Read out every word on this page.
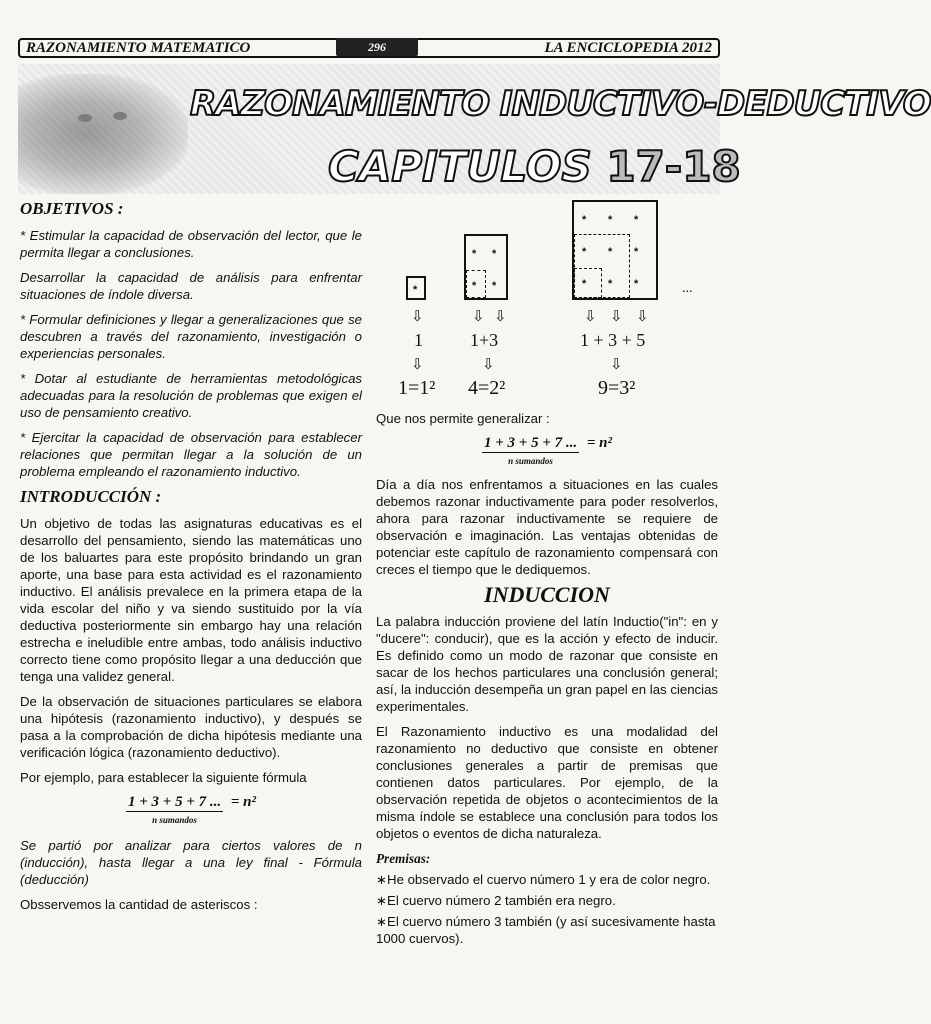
RAZONAMIENTO MATEMATICO	LA ENCICLOPEDIA 2012
296
RAZONAMIENTO INDUCTIVO-DEDUCTIVO
CAPITULOS 17-18
OBJETIVOS :

* Estimular la capacidad de observación del lector, que le permita llegar a conclusiones.

Desarrollar la capacidad de análisis para enfrentar situaciones de índole diversa.

* Formular definiciones y llegar a generalizaciones que se descubren a través del razonamiento, investigación o experiencias personales.

* Dotar al estudiante de herramientas metodológicas adecuadas para la resolución de problemas que exigen el uso de pensamiento creativo.

* Ejercitar la capacidad de observación para establecer relaciones que permitan llegar a la solución de un problema empleando el razonamiento inductivo.

INTRODUCCIÓN :

Un objetivo de todas las asignaturas educativas es el desarrollo del pensamiento, siendo las matemáticas uno de los baluartes para este propósito brindando un gran aporte, una base para esta actividad es el razonamiento inductivo. El análisis prevalece en la primera etapa de la vida escolar del niño y va siendo sustituido por la vía deductiva posteriormente sin embargo hay una relación estrecha e ineludible entre ambas, todo análisis inductivo correcto tiene como propósito llegar a una deducción que tenga una validez general.

De la observación de situaciones particulares se elabora una hipótesis (razonamiento inductivo), y después se pasa a la comprobación de dicha hipótesis mediante una verificación lógica (razonamiento deductivo).

Por ejemplo, para establecer la siguiente fórmula

$\frac{1 + 3 + 5 + 7 ...}{\text{n sumandos}} = n^2$

Se partió por analizar para ciertos valores de n (inducción), hasta llegar a una ley final - Fórmula (deducción)

Obsservemos la cantidad de asteriscos :

*
* *
* *
* * *
* * *
* * *	...
⇩	⇩ ⇩	⇩ ⇩ ⇩
1	1+3	1 + 3 + 5
⇩	⇩	⇩
1=1² 4=2²	9=3²

Que nos permite generalizar :

$\frac{1 + 3 + 5 + 7 ...}{\text{n sumandos}} = n^2$

Día a día nos enfrentamos a situaciones en las cuales debemos razonar inductivamente para poder resolverlos, ahora para razonar inductivamente se requiere de observación e imaginación. Las ventajas obtenidas de potenciar este capítulo de razonamiento compensará con creces el tiempo que le dediquemos.

INDUCCION

La palabra inducción proviene del latín Inductio("in": en y "ducere": conducir), que es la acción y efecto de inducir. Es definido como un modo de razonar que consiste en sacar de los hechos particulares una conclusión general; así, la inducción desempeña un gran papel en las ciencias experimentales.

El Razonamiento inductivo es una modalidad del razonamiento no deductivo que consiste en obtener conclusiones generales a partir de premisas que contienen datos particulares. Por ejemplo, de la observación repetida de objetos o acontecimientos de la misma índole se establece una conclusión para todos los objetos o eventos de dicha naturaleza.

Premisas:

∗He observado el cuervo número 1 y era de color negro.

∗El cuervo número 2 también era negro.

∗El cuervo número 3 también (y así sucesivamente hasta 1000 cuervos).
